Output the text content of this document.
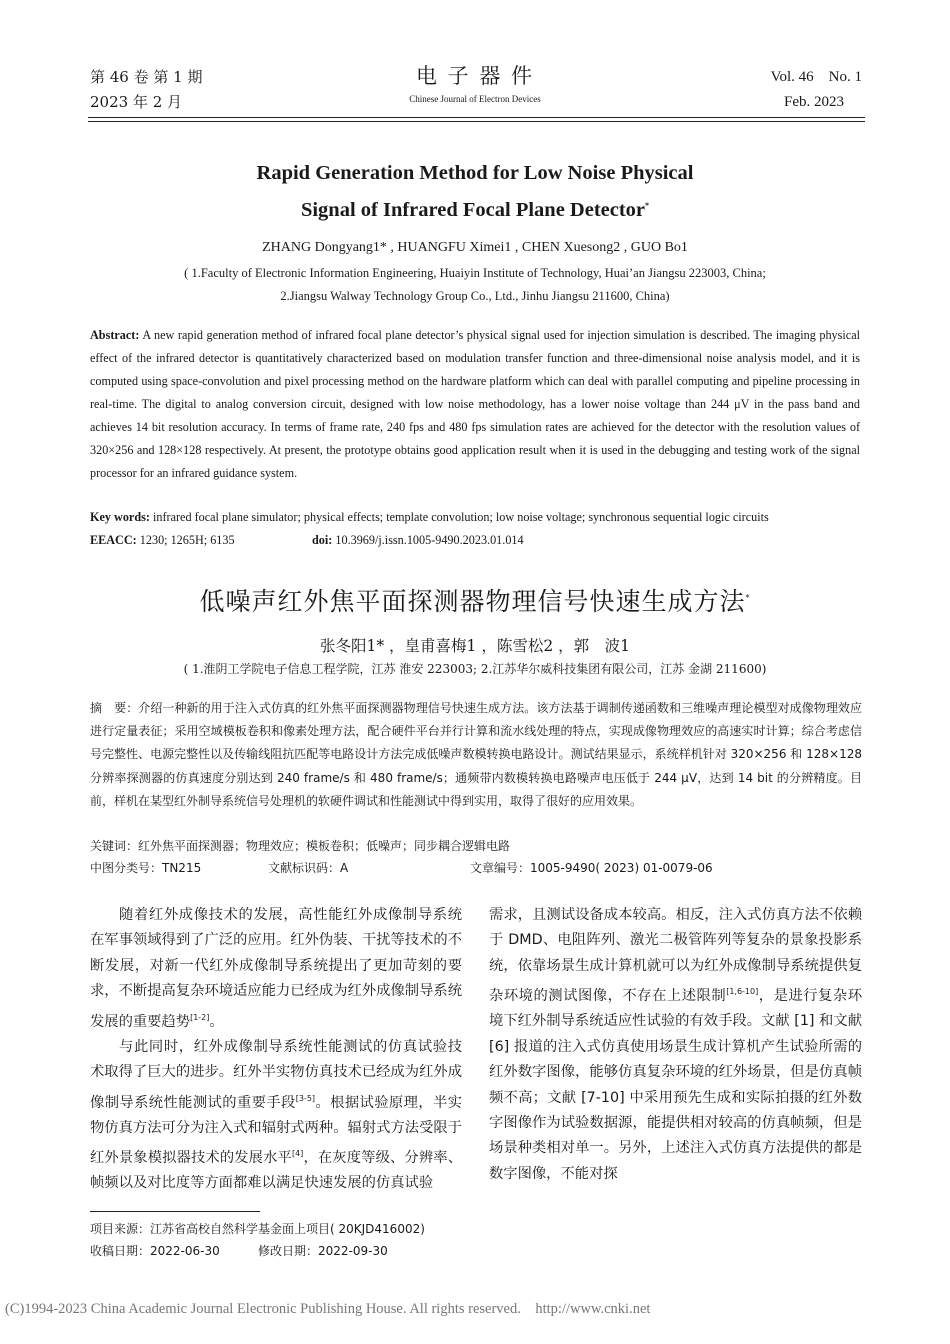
第 46 卷 第 1 期
2023 年 2 月
电 子 器 件
Chinese Journal of Electron Devices
Vol. 46　No. 1
Feb. 2023
Rapid Generation Method for Low Noise Physical
Signal of Infrared Focal Plane Detector*
ZHANG Dongyang1* , HUANGFU Ximei1 , CHEN Xuesong2 , GUO Bo1
( 1.Faculty of Electronic Information Engineering, Huaiyin Institute of Technology, Huai’an Jiangsu 223003, China;
2.Jiangsu Walway Technology Group Co., Ltd., Jinhu Jiangsu 211600, China)
Abstract: A new rapid generation method of infrared focal plane detector’s physical signal used for injection simulation is described. The imaging physical effect of the infrared detector is quantitatively characterized based on modulation transfer function and three-dimensional noise analysis model, and it is computed using space-convolution and pixel processing method on the hardware platform which can deal with parallel computing and pipeline processing in real-time. The digital to analog conversion circuit, designed with low noise methodology, has a lower noise voltage than 244 μV in the pass band and achieves 14 bit resolution accuracy. In terms of frame rate, 240 fps and 480 fps simulation rates are achieved for the detector with the resolution values of 320×256 and 128×128 respectively. At present, the prototype obtains good application result when it is used in the debugging and testing work of the signal processor for an infrared guidance system.
Key words: infrared focal plane simulator; physical effects; template convolution; low noise voltage; synchronous sequential logic circuits
EEACC: 1230; 1265H; 6135	doi: 10.3969/j.issn.1005-9490.2023.01.014
低噪声红外焦平面探测器物理信号快速生成方法*
张冬阳1* ，皇甫喜梅1 ，陈雪松2 ，郭　波1
( 1.淮阴工学院电子信息工程学院，江苏 淮安 223003; 2.江苏华尔威科技集团有限公司，江苏 金湖 211600)
摘　要：介绍一种新的用于注入式仿真的红外焦平面探测器物理信号快速生成方法。该方法基于调制传递函数和三维噪声理论模型对成像物理效应进行定量表征；采用空域模板卷积和像素处理方法，配合硬件平台并行计算和流水线处理的特点，实现成像物理效应的高速实时计算；综合考虑信号完整性、电源完整性以及传输线阻抗匹配等电路设计方法完成低噪声数模转换电路设计。测试结果显示，系统样机针对 320×256 和 128×128 分辨率探测器的仿真速度分别达到 240 frame/s 和 480 frame/s；通频带内数模转换电路噪声电压低于 244 μV，达到 14 bit 的分辨精度。目前，样机在某型红外制导系统信号处理机的软硬件调试和性能测试中得到实用，取得了很好的应用效果。
关键词：红外焦平面探测器；物理效应；模板卷积；低噪声；同步耦合逻辑电路
中图分类号：TN215	文献标识码：A	文章编号：1005-9490( 2023) 01-0079-06
随着红外成像技术的发展，高性能红外成像制导系统在军事领域得到了广泛的应用。红外伪装、干扰等技术的不断发展，对新一代红外成像制导系统提出了更加苛刻的要求，不断提高复杂环境适应能力已经成为红外成像制导系统发展的重要趋势[1-2]。
与此同时，红外成像制导系统性能测试的仿真试验技术取得了巨大的进步。红外半实物仿真技术已经成为红外成像制导系统性能测试的重要手段[3-5]。根据试验原理，半实物仿真方法可分为注入式和辐射式两种。辐射式方法受限于红外景象模拟器技术的发展水平[4]，在灰度等级、分辨率、帧频以及对比度等方面都难以满足快速发展的仿真试验
需求，且测试设备成本较高。相反，注入式仿真方法不依赖于 DMD、电阻阵列、激光二极管阵列等复杂的景象投影系统，依靠场景生成计算机就可以为红外成像制导系统提供复杂环境的测试图像，不存在上述限制[1,6-10]，是进行复杂环境下红外制导系统适应性试验的有效手段。文献 [1] 和文献 [6] 报道的注入式仿真使用场景生成计算机产生试验所需的红外数字图像，能够仿真复杂环境的红外场景，但是仿真帧频不高；文献 [7-10] 中采用预先生成和实际拍摄的红外数字图像作为试验数据源，能提供相对较高的仿真帧频，但是场景种类相对单一。另外，上述注入式仿真方法提供的都是数字图像，不能对探
项目来源：江苏省高校自然科学基金面上项目( 20KJD416002)
收稿日期：2022-06-30	修改日期：2022-09-30
(C)1994-2023 China Academic Journal Electronic Publishing House. All rights reserved.　http://www.cnki.net
